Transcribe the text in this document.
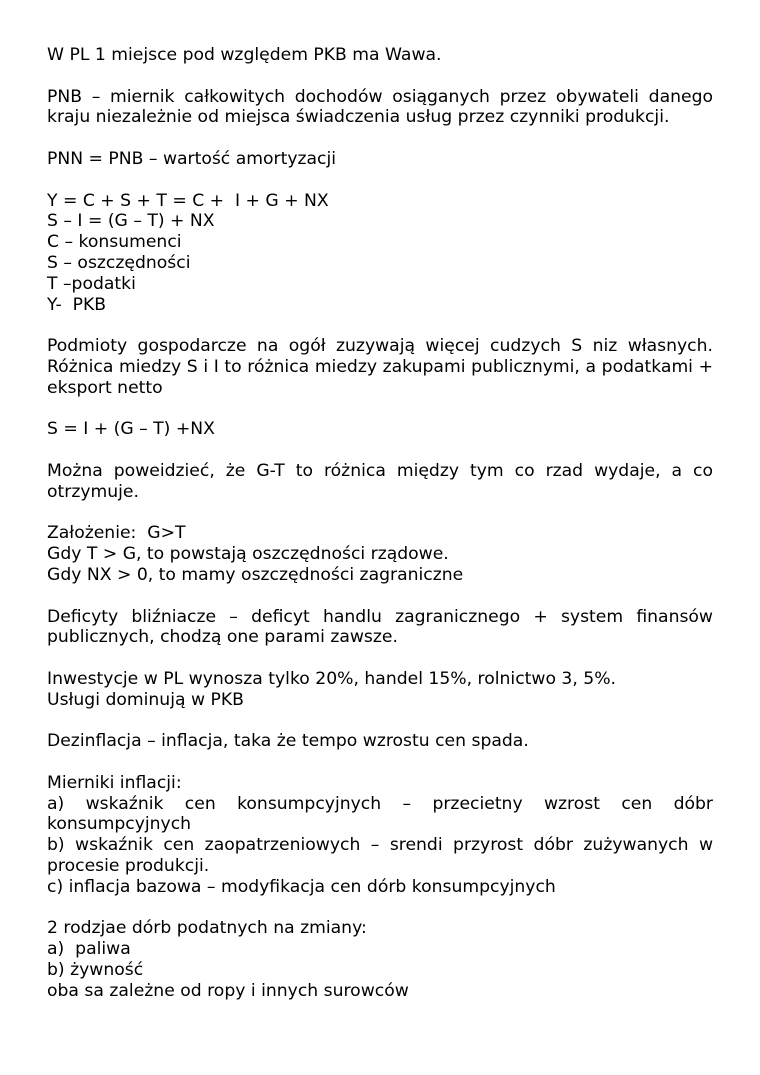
W PL 1 miejsce pod względem PKB ma Wawa.
PNB – miernik całkowitych dochodów osiąganych przez obywateli danego kraju niezależnie od miejsca świadczenia usług przez czynniki produkcji.
PNN = PNB – wartość amortyzacji
Y = C + S + T = C +  I + G + NX
S – I = (G – T) + NX
C – konsumenci
S – oszczędności
T –podatki
Y-  PKB
Podmioty gospodarcze na ogół zuzywają więcej cudzych S niz własnych. Różnica miedzy S i I to różnica miedzy zakupami publicznymi, a podatkami + eksport netto
S = I + (G – T) +NX
Można poweidzieć, że G-T to różnica między tym co rzad wydaje, a co otrzymuje.
Założenie:  G>T
Gdy T > G, to powstają oszczędności rządowe.
Gdy NX > 0, to mamy oszczędności zagraniczne
Deficyty bliźniacze – deficyt handlu zagranicznego + system finansów publicznych, chodzą one parami zawsze.
Inwestycje w PL wynosza tylko 20%, handel 15%, rolnictwo 3, 5%.
Usługi dominują w PKB
Dezinflacja – inflacja, taka że tempo wzrostu cen spada.
Mierniki inflacji:
a) wskaźnik cen konsumpcyjnych – przecietny wzrost cen dóbr konsumpcyjnych
b) wskaźnik cen zaopatrzeniowych – srendi przyrost dóbr zużywanych w procesie produkcji.
c) inflacja bazowa – modyfikacja cen dórb konsumpcyjnych
2 rodzjae dórb podatnych na zmiany:
a)  paliwa
b) żywność
oba sa zależne od ropy i innych surowców
